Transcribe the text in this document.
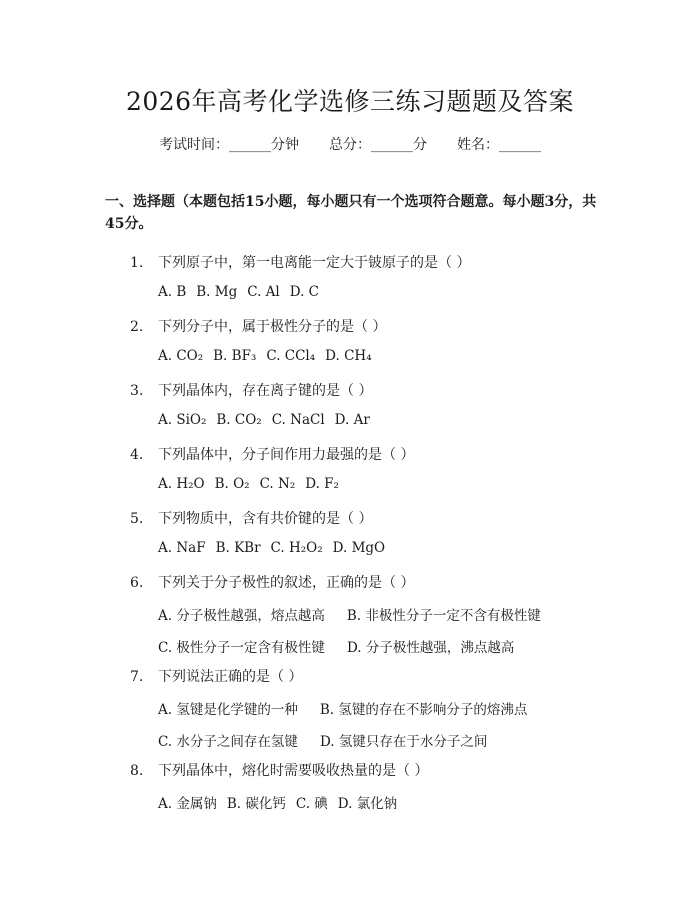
2026年高考化学选修三练习题题及答案
考试时间：______分钟 总分：______分 姓名：______
一、选择题（本题包括15小题，每小题只有一个选项符合题意。每小题3分，共45分。
1. 下列原子中，第一电离能一定大于铍原子的是（ ）
A. B B. Mg C. Al D. C
2. 下列分子中，属于极性分子的是（ ）
A. CO₂ B. BF₃ C. CCl₄ D. CH₄
3. 下列晶体内，存在离子键的是（ ）
A. SiO₂ B. CO₂ C. NaCl D. Ar
4. 下列晶体中，分子间作用力最强的是（ ）
A. H₂O B. O₂ C. N₂ D. F₂
5. 下列物质中，含有共价键的是（ ）
A. NaF B. KBr C. H₂O₂ D. MgO
6. 下列关于分子极性的叙述，正确的是（ ）
A. 分子极性越强，熔点越高 B. 非极性分子一定不含有极性键
C. 极性分子一定含有极性键 D. 分子极性越强，沸点越高
7. 下列说法正确的是（ ）
A. 氢键是化学键的一种 B. 氢键的存在不影响分子的熔沸点
C. 水分子之间存在氢键 D. 氢键只存在于水分子之间
8. 下列晶体中，熔化时需要吸收热量的是（ ）
A. 金属钠 B. 碳化钙 C. 碘 D. 氯化钠
